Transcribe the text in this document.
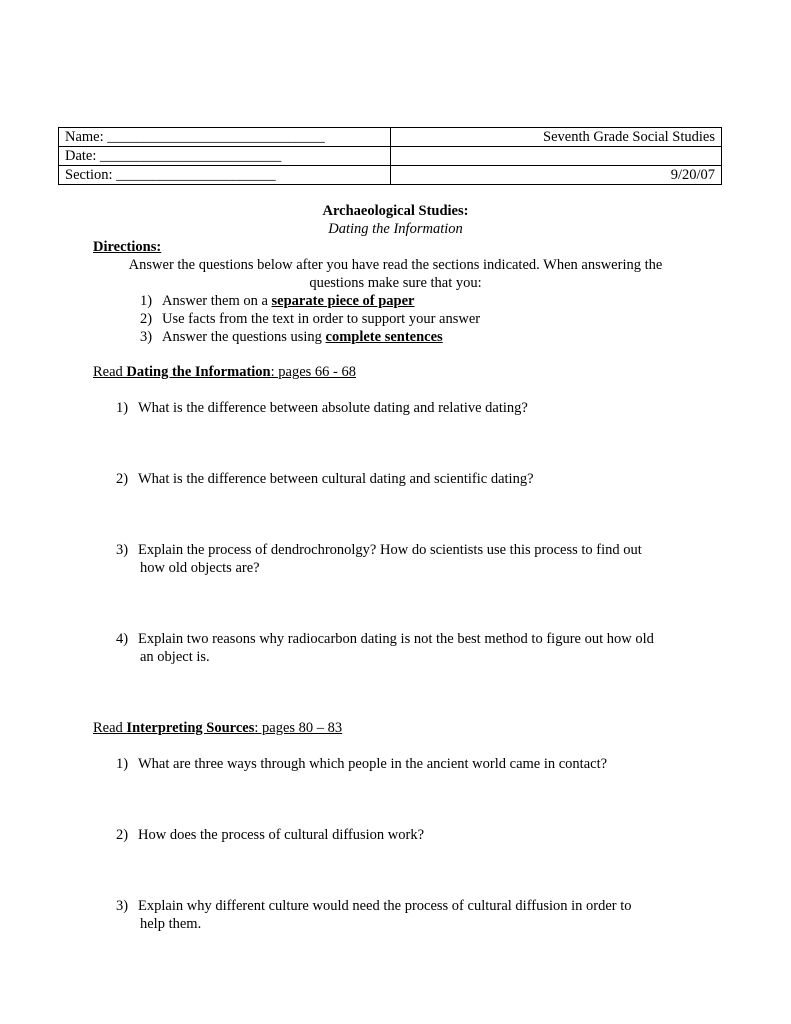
Name: ______________________________	Seventh Grade Social Studies
Date: _________________________	
Section: ______________________	9/20/07
Archaeological Studies:
Dating the Information
Directions:
Answer the questions below after you have read the sections indicated. When answering the
questions make sure that you:
1) Answer them on a separate piece of paper
2) Use facts from the text in order to support your answer
3) Answer the questions using complete sentences
Read Dating the Information: pages 66 - 68
1) What is the difference between absolute dating and relative dating?
2) What is the difference between cultural dating and scientific dating?
3) Explain the process of dendrochronolgy? How do scientists use this process to find out
how old objects are?
4) Explain two reasons why radiocarbon dating is not the best method to figure out how old
an object is.
Read Interpreting Sources: pages 80 – 83
1) What are three ways through which people in the ancient world came in contact?
2) How does the process of cultural diffusion work?
3) Explain why different culture would need the process of cultural diffusion in order to
help them.
